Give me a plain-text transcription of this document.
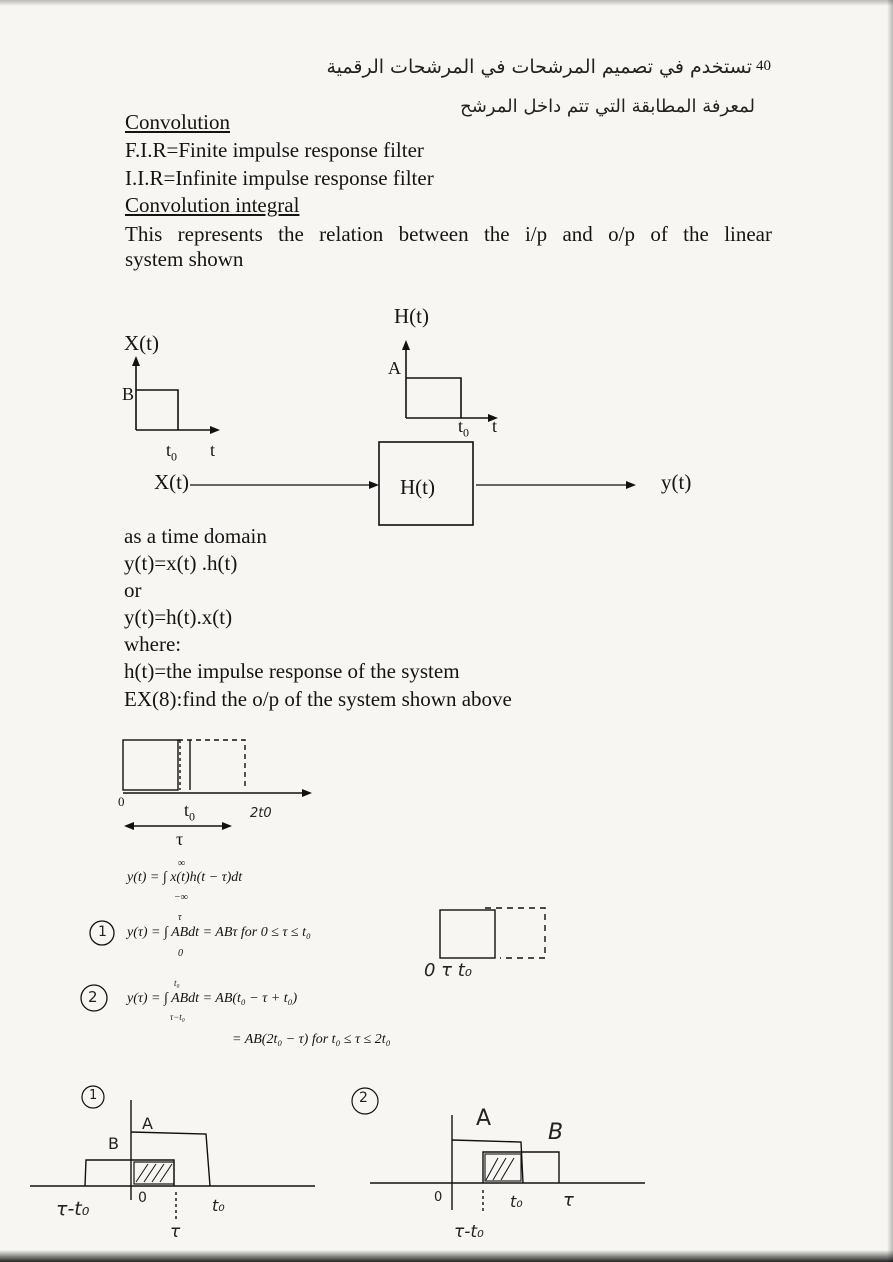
تستخدم في تصميم المرشحات في المرشحات الرقمية
لمعرفة المطابقة التي تتم داخل المرشح
40
Convolution
F.I.R=Finite impulse response filter
I.I.R=Infinite impulse response filter
Convolution integral
This represents the relation between the i/p and o/p of the linear
system shown
X(t)
B
$t_0$ t
H(t)
A
$t_0$ t
X(t)	H(t)	y(t)
as a time domain
y(t)=x(t) .h(t)
or
y(t)=h(t).x(t)
where:
h(t)=the impulse response of the system
EX(8):find the o/p of the system shown above
0	$t_0$	2t0
τ
∞
y(t) = ∫ x(t)h(t − τ)dt
−∞
1
τ
y(τ) = ∫ ABdt = ABτ for 0 ≤ τ ≤ t₀
0
0 τ t₀
2
t₀
y(τ) = ∫ ABdt = AB(t₀ − τ + t₀)
τ−t₀
= AB(2t₀ − τ) for t₀ ≤ τ ≤ 2t₀
1
A
B
τ-t₀	0	t₀
τ
2
A
B
0	t₀ τ
τ-t₀
